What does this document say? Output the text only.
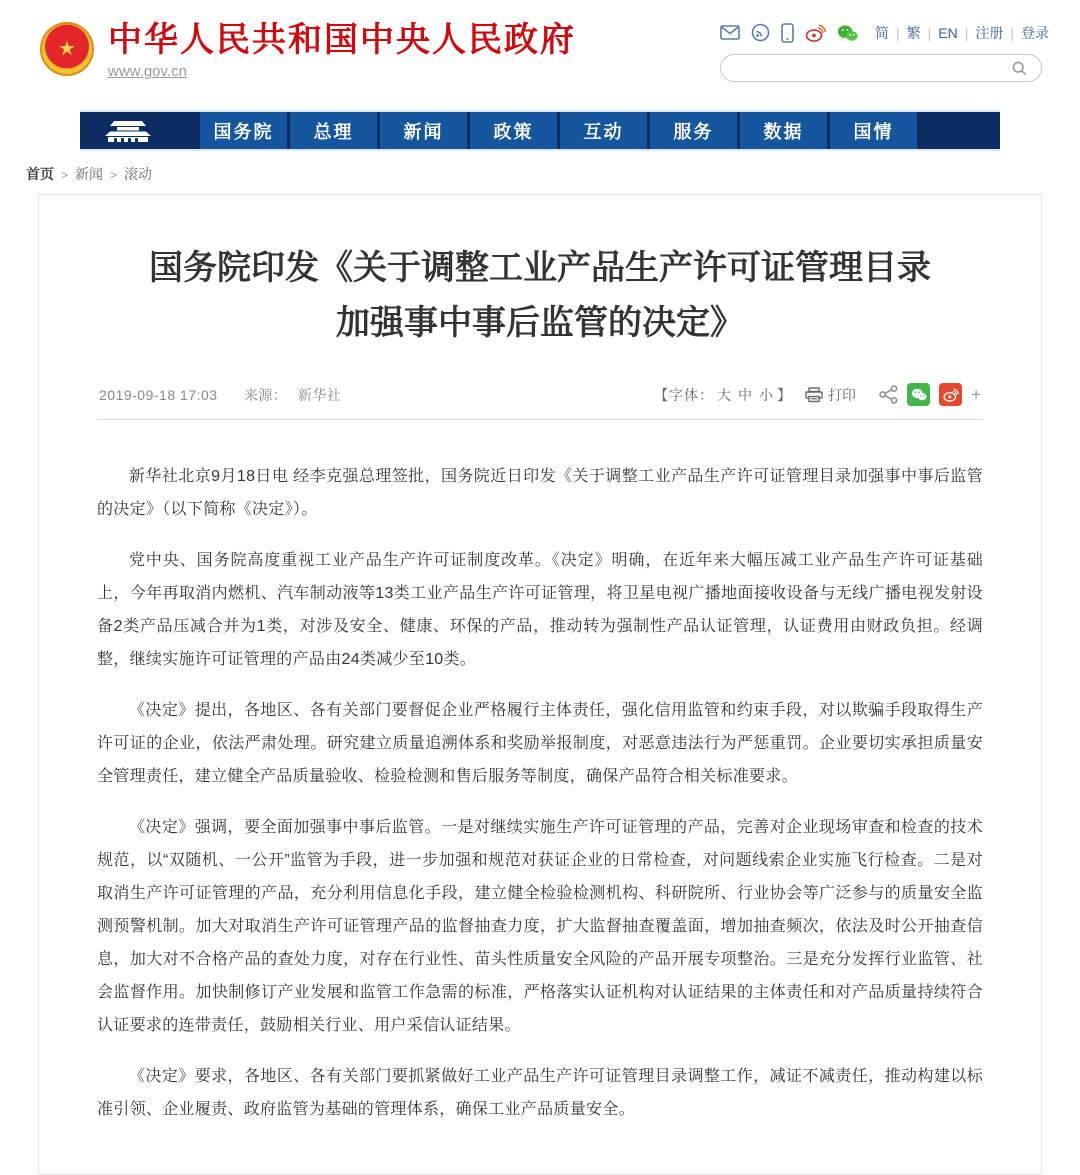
★ 中华人民共和国中央人民政府
www.gov.cn
简 | 繁 | EN | 注册 | 登录
国务院	总理	新闻	政策	互动	服务	数据	国情
首页 > 新闻 > 滚动
国务院印发《关于调整工业产品生产许可证管理目录
加强事中事后监管的决定》
2019-09-18 17:03 来源： 新华社	【字体： 大 中 小 】	打印	+

新华社北京9月18日电 经李克强总理签批，国务院近日印发《关于调整工业产品生产许可证管理目录加强事中事后监管的决定》（以下简称《决定》）。

党中央、国务院高度重视工业产品生产许可证制度改革。《决定》明确，在近年来大幅压减工业产品生产许可证基础上，今年再取消内燃机、汽车制动液等13类工业产品生产许可证管理，将卫星电视广播地面接收设备与无线广播电视发射设备2类产品压减合并为1类，对涉及安全、健康、环保的产品，推动转为强制性产品认证管理，认证费用由财政负担。经调整，继续实施许可证管理的产品由24类减少至10类。

《决定》提出，各地区、各有关部门要督促企业严格履行主体责任，强化信用监管和约束手段，对以欺骗手段取得生产许可证的企业，依法严肃处理。研究建立质量追溯体系和奖励举报制度，对恶意违法行为严惩重罚。企业要切实承担质量安全管理责任，建立健全产品质量验收、检验检测和售后服务等制度，确保产品符合相关标准要求。

《决定》强调，要全面加强事中事后监管。一是对继续实施生产许可证管理的产品，完善对企业现场审查和检查的技术规范，以“双随机、一公开”监管为手段，进一步加强和规范对获证企业的日常检查，对问题线索企业实施飞行检查。二是对取消生产许可证管理的产品，充分利用信息化手段，建立健全检验检测机构、科研院所、行业协会等广泛参与的质量安全监测预警机制。加大对取消生产许可证管理产品的监督抽查力度，扩大监督抽查覆盖面，增加抽查频次，依法及时公开抽查信息，加大对不合格产品的查处力度，对存在行业性、苗头性质量安全风险的产品开展专项整治。三是充分发挥行业监管、社会监督作用。加快制修订产业发展和监管工作急需的标准，严格落实认证机构对认证结果的主体责任和对产品质量持续符合认证要求的连带责任，鼓励相关行业、用户采信认证结果。

《决定》要求，各地区、各有关部门要抓紧做好工业产品生产许可证管理目录调整工作，减证不减责任，推动构建以标准引领、企业履责、政府监管为基础的管理体系，确保工业产品质量安全。
